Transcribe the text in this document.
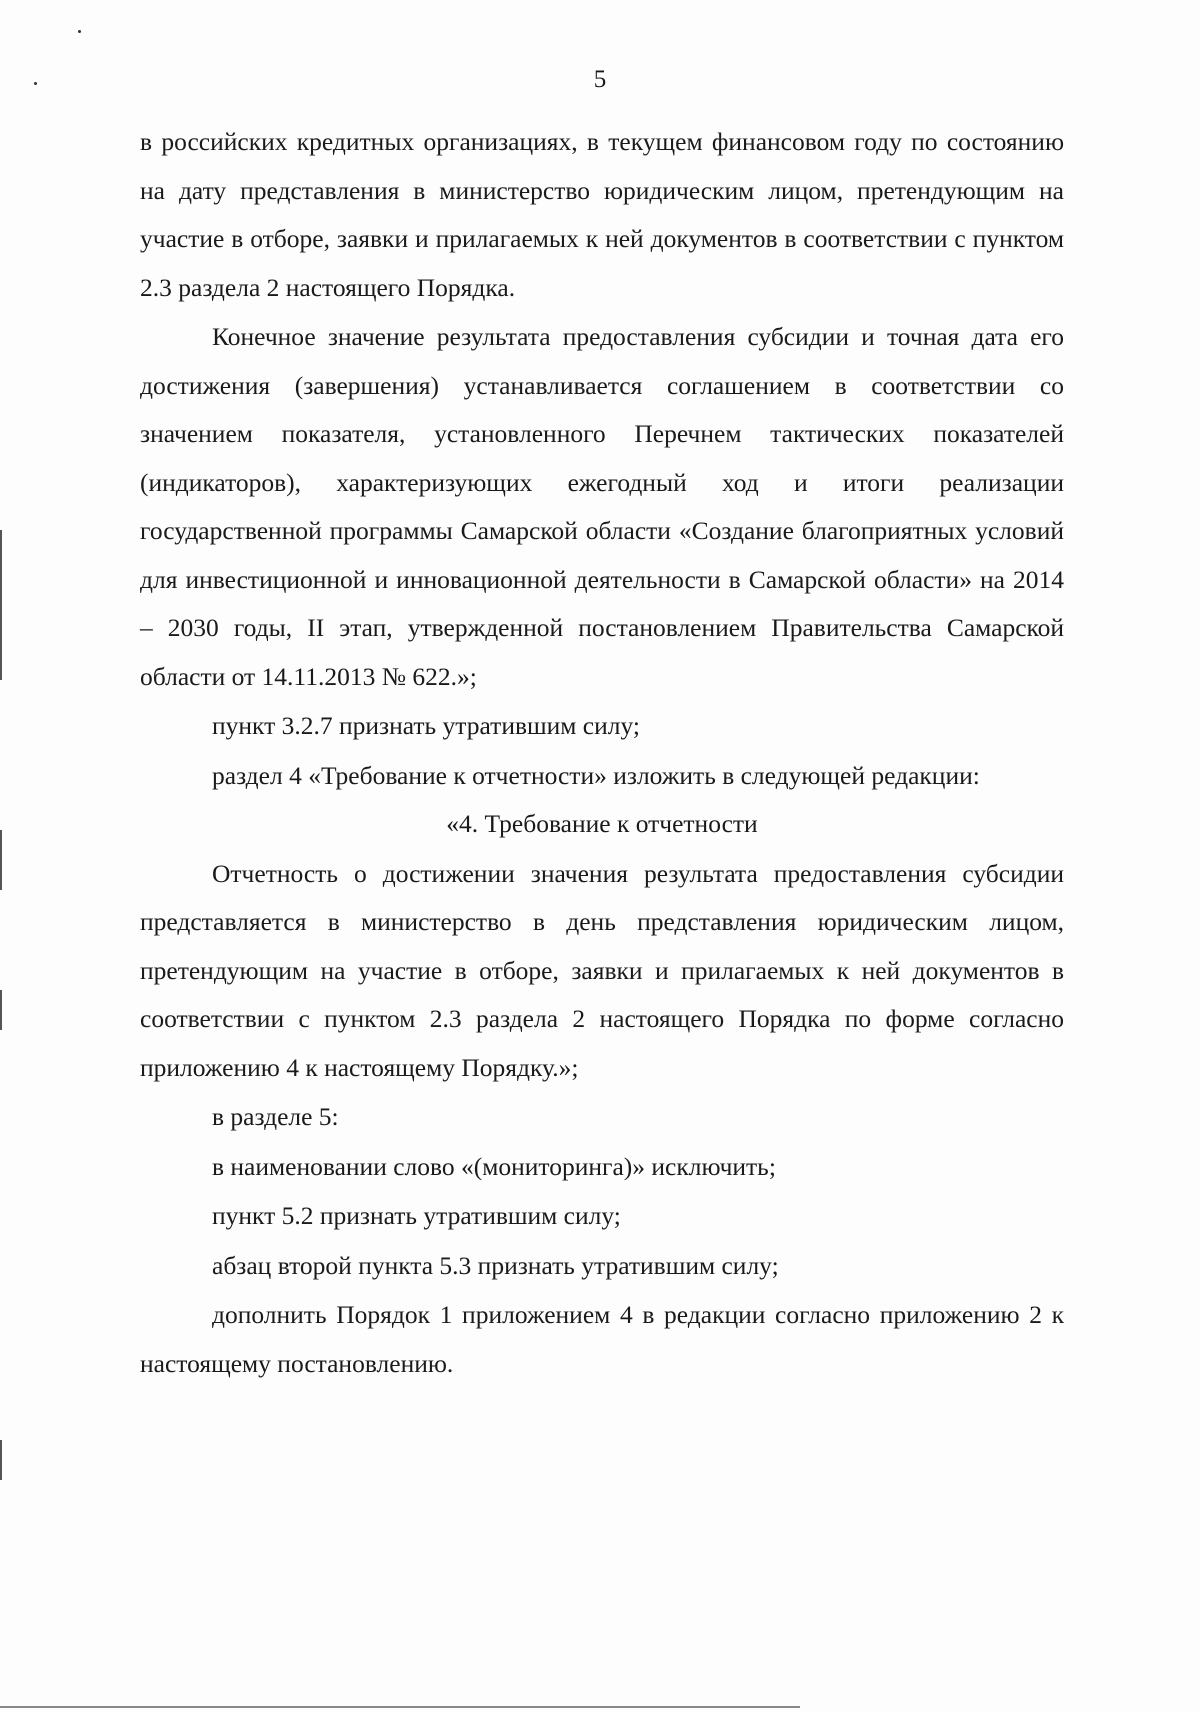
5

в российских кредитных организациях, в текущем финансовом году по состоянию на дату представления в министерство юридическим лицом, претендующим на участие в отборе, заявки и прилагаемых к ней документов в соответствии с пунктом 2.3 раздела 2 настоящего Порядка.

Конечное значение результата предоставления субсидии и точная дата его достижения (завершения) устанавливается соглашением в соответствии со значением показателя, установленного Перечнем тактических показателей (индикаторов), характеризующих ежегодный ход и итоги реализации государственной программы Самарской области «Создание благоприятных условий для инвестиционной и инновационной деятельности в Самарской области» на 2014 – 2030 годы, II этап, утвержденной постановлением Правительства Самарской области от 14.11.2013 № 622.»;

пункт 3.2.7 признать утратившим силу;

раздел 4 «Требование к отчетности» изложить в следующей редакции:

«4. Требование к отчетности

Отчетность о достижении значения результата предоставления субсидии представляется в министерство в день представления юридическим лицом, претендующим на участие в отборе, заявки и прилагаемых к ней документов в соответствии с пунктом 2.3 раздела 2 настоящего Порядка по форме согласно приложению 4 к настоящему Порядку.»;

в разделе 5:

в наименовании слово «(мониторинга)» исключить;

пункт 5.2 признать утратившим силу;

абзац второй пункта 5.3 признать утратившим силу;

дополнить Порядок 1 приложением 4 в редакции согласно приложению 2 к настоящему постановлению.
